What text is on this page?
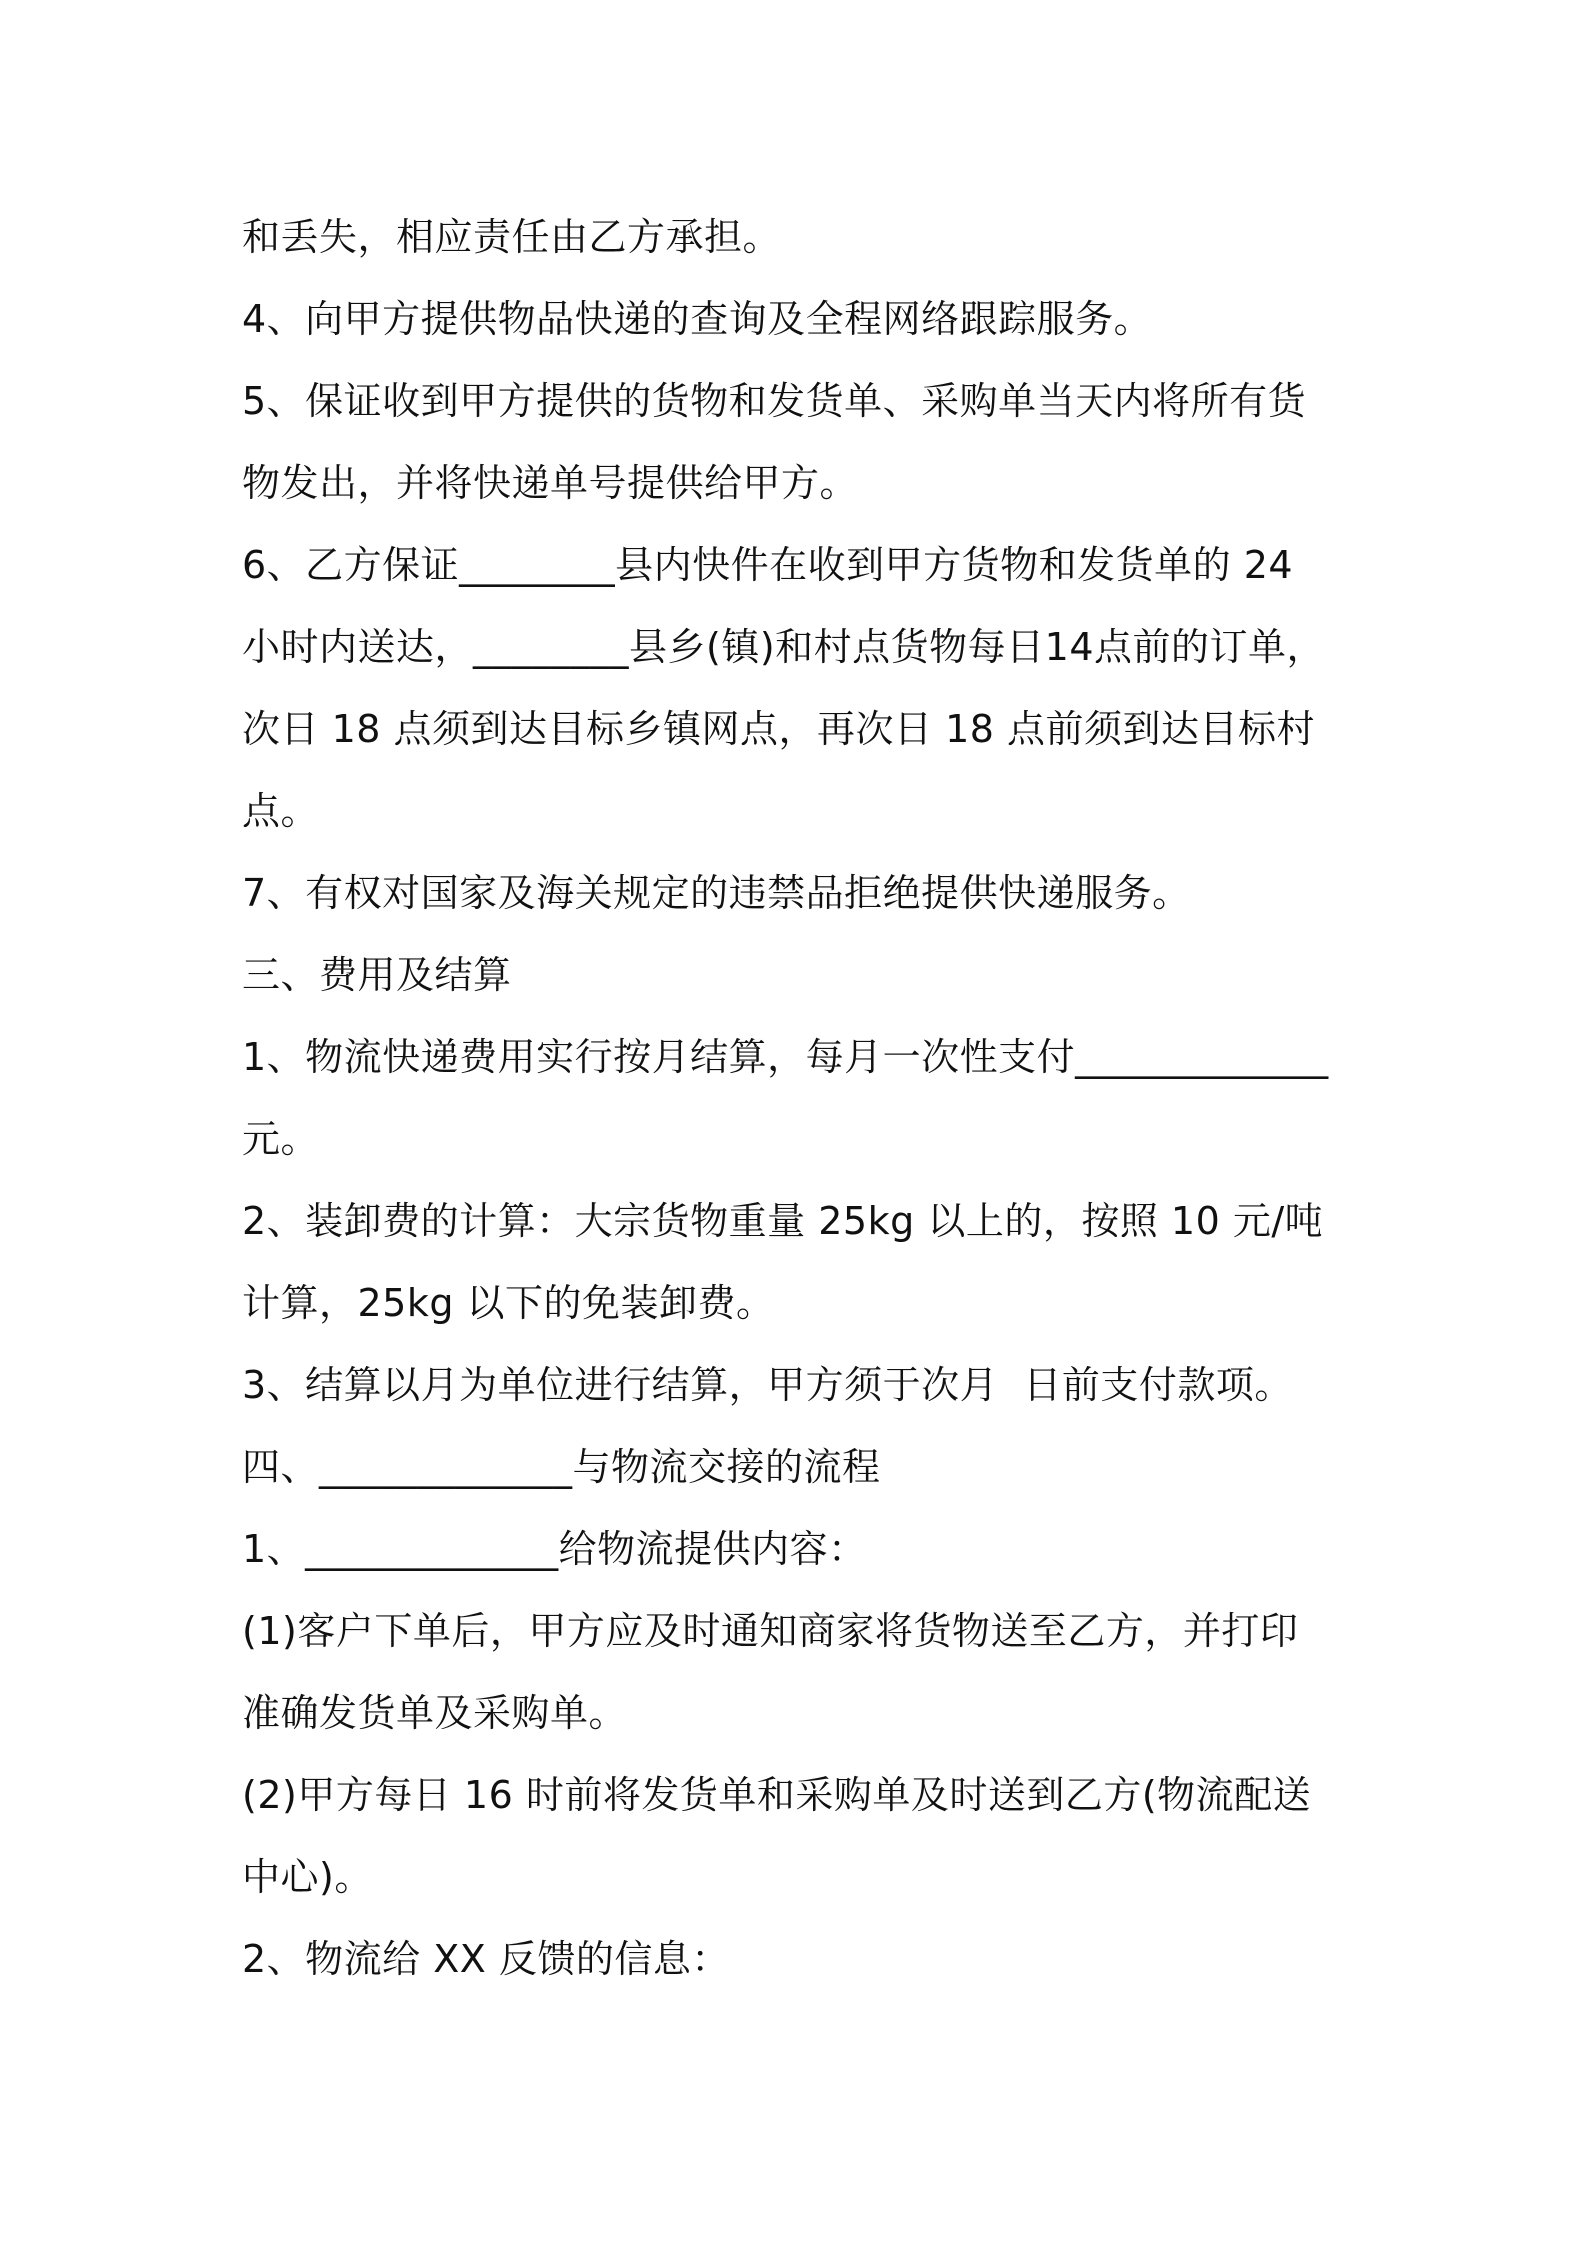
和丢失，相应责任由乙方承担。
4、向甲方提供物品快递的查询及全程网络跟踪服务。
5、保证收到甲方提供的货物和发货单、采购单当天内将所有货
物发出，并将快递单号提供给甲方。
6、乙方保证________县内快件在收到甲方货物和发货单的 24
小时内送达，________县乡(镇)和村点货物每日14点前的订单，
次日 18 点须到达目标乡镇网点，再次日 18 点前须到达目标村
点。
7、有权对国家及海关规定的违禁品拒绝提供快递服务。
三、费用及结算
1、物流快递费用实行按月结算，每月一次性支付_____________
元。
2、装卸费的计算：大宗货物重量 25kg 以上的，按照 10 元/吨
计算，25kg 以下的免装卸费。
3、结算以月为单位进行结算，甲方须于次月  日前支付款项。
四、_____________与物流交接的流程
1、_____________给物流提供内容：
(1)客户下单后，甲方应及时通知商家将货物送至乙方，并打印
准确发货单及采购单。
(2)甲方每日 16 时前将发货单和采购单及时送到乙方(物流配送
中心)。
2、物流给 XX 反馈的信息：
